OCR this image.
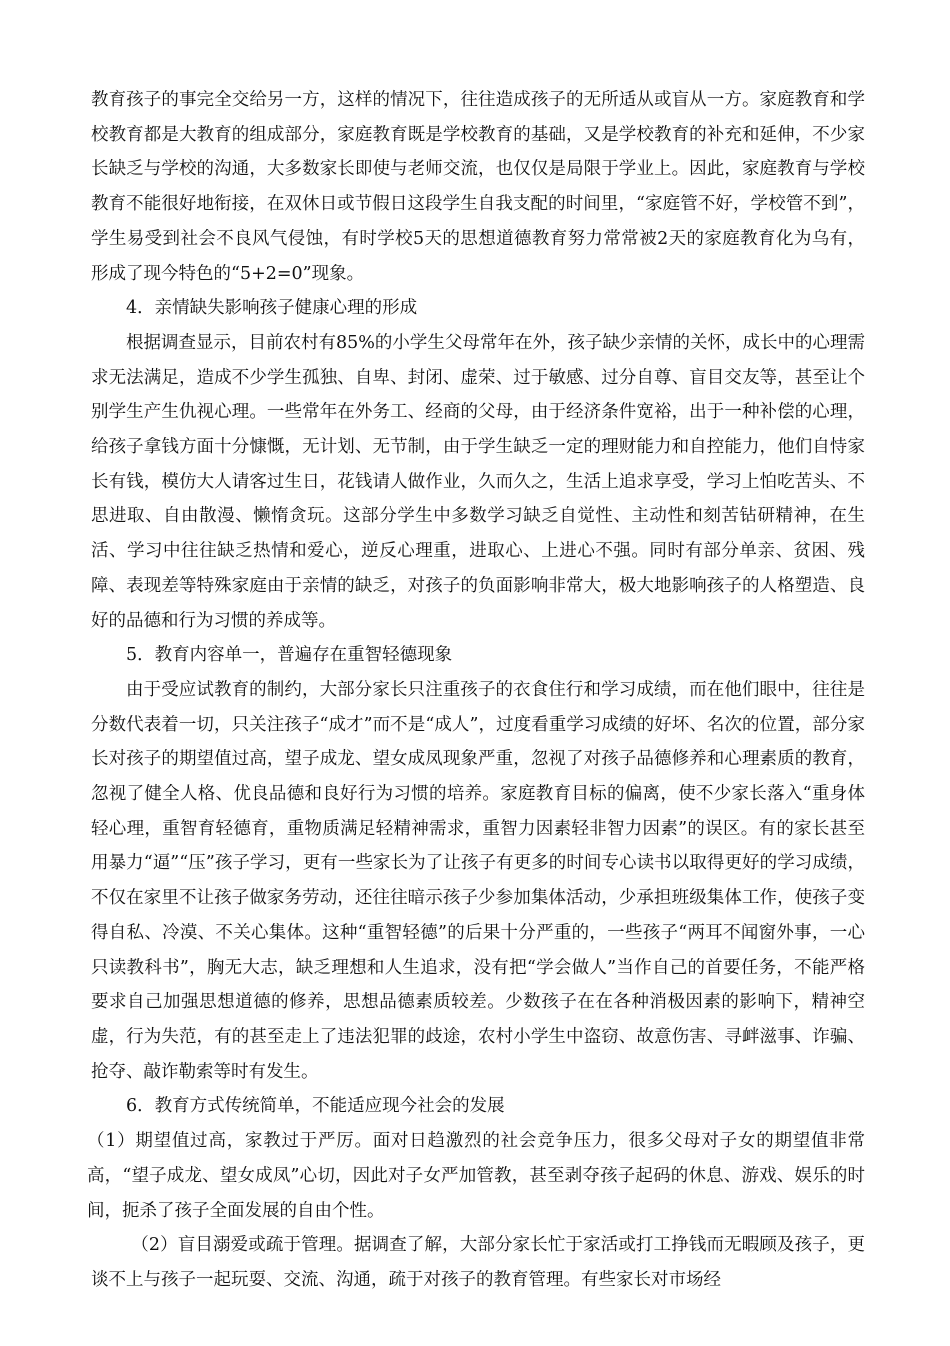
教育孩子的事完全交给另一方，这样的情况下，往往造成孩子的无所适从或盲从一方。家庭教育和学校教育都是大教育的组成部分，家庭教育既是学校教育的基础，又是学校教育的补充和延伸，不少家长缺乏与学校的沟通，大多数家长即使与老师交流，也仅仅是局限于学业上。因此，家庭教育与学校教育不能很好地衔接，在双休日或节假日这段学生自我支配的时间里，“家庭管不好，学校管不到”，学生易受到社会不良风气侵蚀，有时学校5天的思想道德教育努力常常被2天的家庭教育化为乌有，形成了现今特色的“5+2=0”现象。

4．亲情缺失影响孩子健康心理的形成

根据调查显示，目前农村有85%的小学生父母常年在外，孩子缺少亲情的关怀，成长中的心理需求无法满足，造成不少学生孤独、自卑、封闭、虚荣、过于敏感、过分自尊、盲目交友等，甚至让个别学生产生仇视心理。一些常年在外务工、经商的父母，由于经济条件宽裕，出于一种补偿的心理，给孩子拿钱方面十分慷慨，无计划、无节制，由于学生缺乏一定的理财能力和自控能力，他们自恃家长有钱，模仿大人请客过生日，花钱请人做作业，久而久之，生活上追求享受，学习上怕吃苦头、不思进取、自由散漫、懒惰贪玩。这部分学生中多数学习缺乏自觉性、主动性和刻苦钻研精神，在生活、学习中往往缺乏热情和爱心，逆反心理重，进取心、上进心不强。同时有部分单亲、贫困、残障、表现差等特殊家庭由于亲情的缺乏，对孩子的负面影响非常大，极大地影响孩子的人格塑造、良好的品德和行为习惯的养成等。

5．教育内容单一，普遍存在重智轻德现象

由于受应试教育的制约，大部分家长只注重孩子的衣食住行和学习成绩，而在他们眼中，往往是分数代表着一切，只关注孩子“成才”而不是“成人”，过度看重学习成绩的好坏、名次的位置，部分家长对孩子的期望值过高，望子成龙、望女成凤现象严重，忽视了对孩子品德修养和心理素质的教育，忽视了健全人格、优良品德和良好行为习惯的培养。家庭教育目标的偏离，使不少家长落入“重身体轻心理，重智育轻德育，重物质满足轻精神需求，重智力因素轻非智力因素”的误区。有的家长甚至用暴力“逼”“压”孩子学习，更有一些家长为了让孩子有更多的时间专心读书以取得更好的学习成绩，不仅在家里不让孩子做家务劳动，还往往暗示孩子少参加集体活动，少承担班级集体工作，使孩子变得自私、冷漠、不关心集体。这种“重智轻德”的后果十分严重的，一些孩子“两耳不闻窗外事，一心只读教科书”，胸无大志，缺乏理想和人生追求，没有把“学会做人”当作自己的首要任务，不能严格要求自己加强思想道德的修养，思想品德素质较差。少数孩子在在各种消极因素的影响下，精神空虚，行为失范，有的甚至走上了违法犯罪的歧途，农村小学生中盗窃、故意伤害、寻衅滋事、诈骗、抢夺、敲诈勒索等时有发生。

6．教育方式传统简单，不能适应现今社会的发展

（1）期望值过高，家教过于严厉。面对日趋激烈的社会竞争压力，很多父母对子女的期望值非常高，“望子成龙、望女成凤”心切，因此对子女严加管教，甚至剥夺孩子起码的休息、游戏、娱乐的时间，扼杀了孩子全面发展的自由个性。

（2）盲目溺爱或疏于管理。据调查了解，大部分家长忙于家活或打工挣钱而无暇顾及孩子，更谈不上与孩子一起玩耍、交流、沟通，疏于对孩子的教育管理。有些家长对市场经
